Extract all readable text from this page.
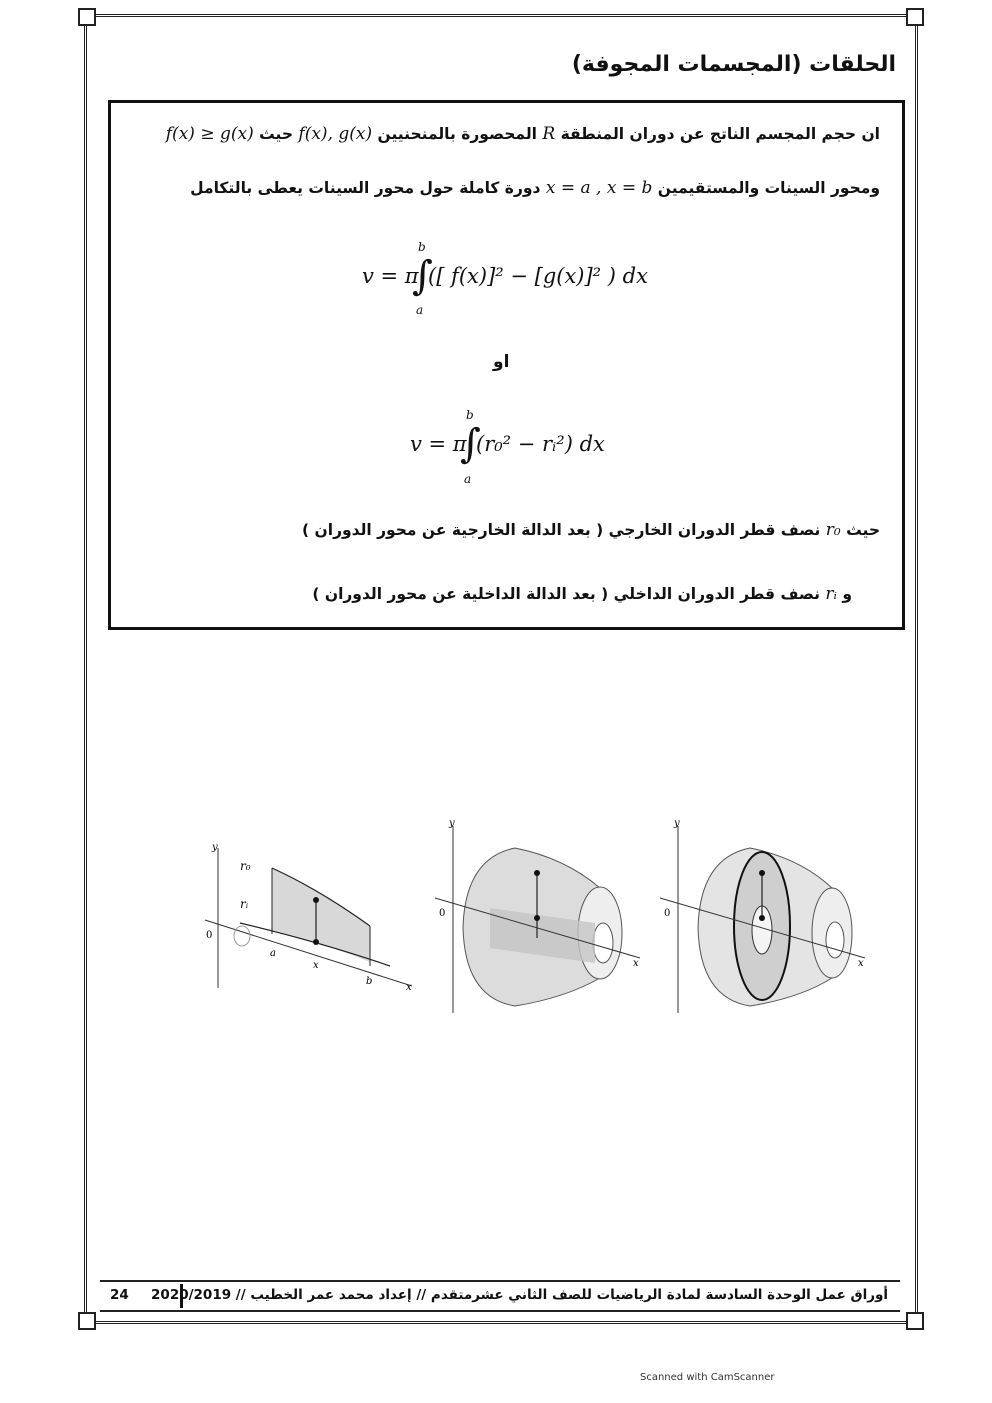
الحلقات (المجسمات المجوفة)
ان حجم المجسم الناتج عن دوران المنطقة R المحصورة بالمنحنيين f(x), g(x) حيث f(x) ≥ g(x)
ومحور السينات والمستقيمين x = a , x = b دورة كاملة حول محور السينات يعطى بالتكامل
v = π
∫
b
a
([ f(x)]² − [g(x)]² ) dx
او
v = π
∫
b
a
(r₀² − rᵢ²) dx
حيث r₀ نصف قطر الدوران الخارجي ( بعد الدالة الخارجية عن محور الدوران )
و rᵢ نصف قطر الدوران الداخلي ( بعد الدالة الداخلية عن محور الدوران )
y
x
0
r₀
rᵢ
a
x
b
y
x
0
y
x
0
24 أوراق عمل الوحدة السادسة لمادة الرياضيات للصف الثاني عشرمتقدم // إعداد محمد عمر الخطيب // 2020/2019
Scanned with CamScanner
